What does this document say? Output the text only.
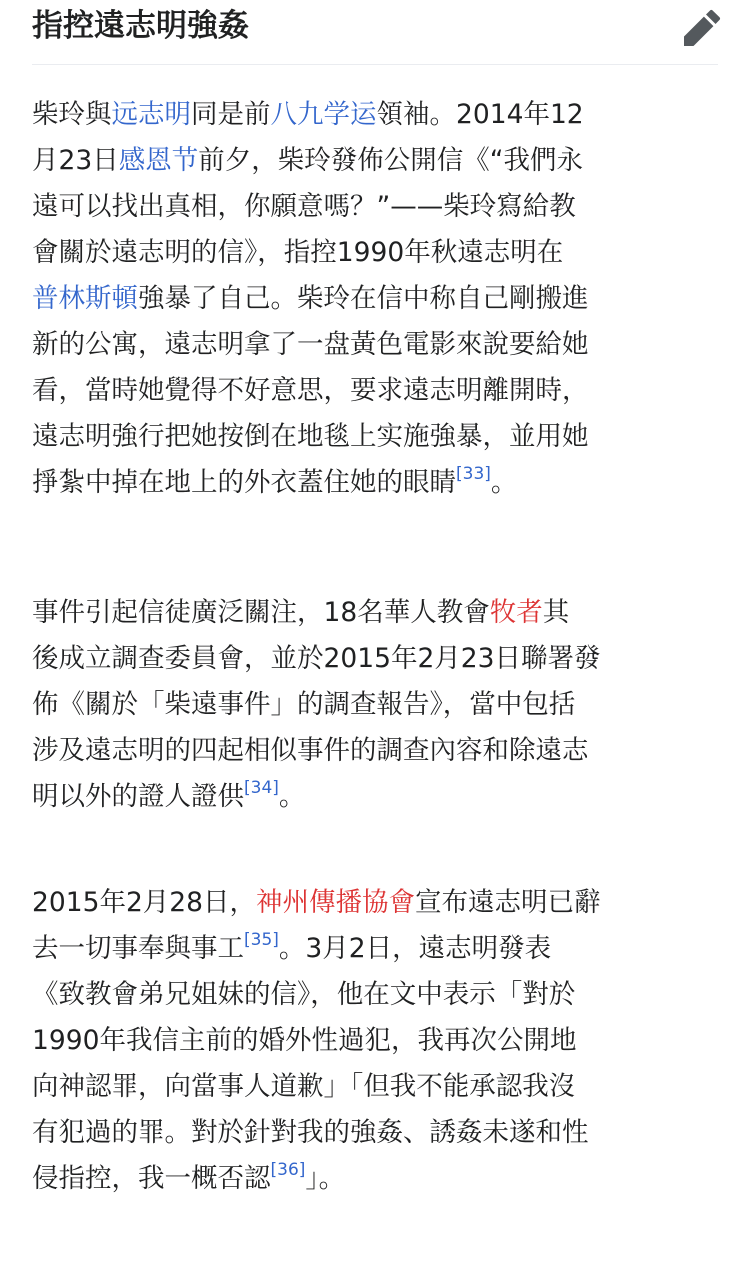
指控遠志明強姦

柴玲與远志明同是前八九学运領袖。2014年12
月23日感恩节前夕，柴玲發佈公開信《“我們永
遠可以找出真相，你願意嗎？”——柴玲寫給教
會關於遠志明的信》，指控1990年秋遠志明在
普林斯頓強暴了自己。柴玲在信中称自己剛搬進
新的公寓，遠志明拿了一盘黃色電影來說要給她
看，當時她覺得不好意思，要求遠志明離開時，
遠志明強行把她按倒在地毯上实施強暴，並用她
掙紮中掉在地上的外衣蓋住她的眼睛[33]。

事件引起信徒廣泛關注，18名華人教會牧者其
後成立調查委員會，並於2015年2月23日聯署發
佈《關於「柴遠事件」的調查報告》，當中包括
涉及遠志明的四起相似事件的調查內容和除遠志
明以外的證人證供[34]。

2015年2月28日，神州傳播協會宣布遠志明已辭
去一切事奉與事工[35]。3月2日，遠志明發表
《致教會弟兄姐妹的信》，他在文中表示「對於
1990年我信主前的婚外性過犯，我再次公開地
向神認罪，向當事人道歉」「但我不能承認我沒
有犯過的罪。對於針對我的強姦、誘姦未遂和性
侵指控，我一概否認[36]」。
